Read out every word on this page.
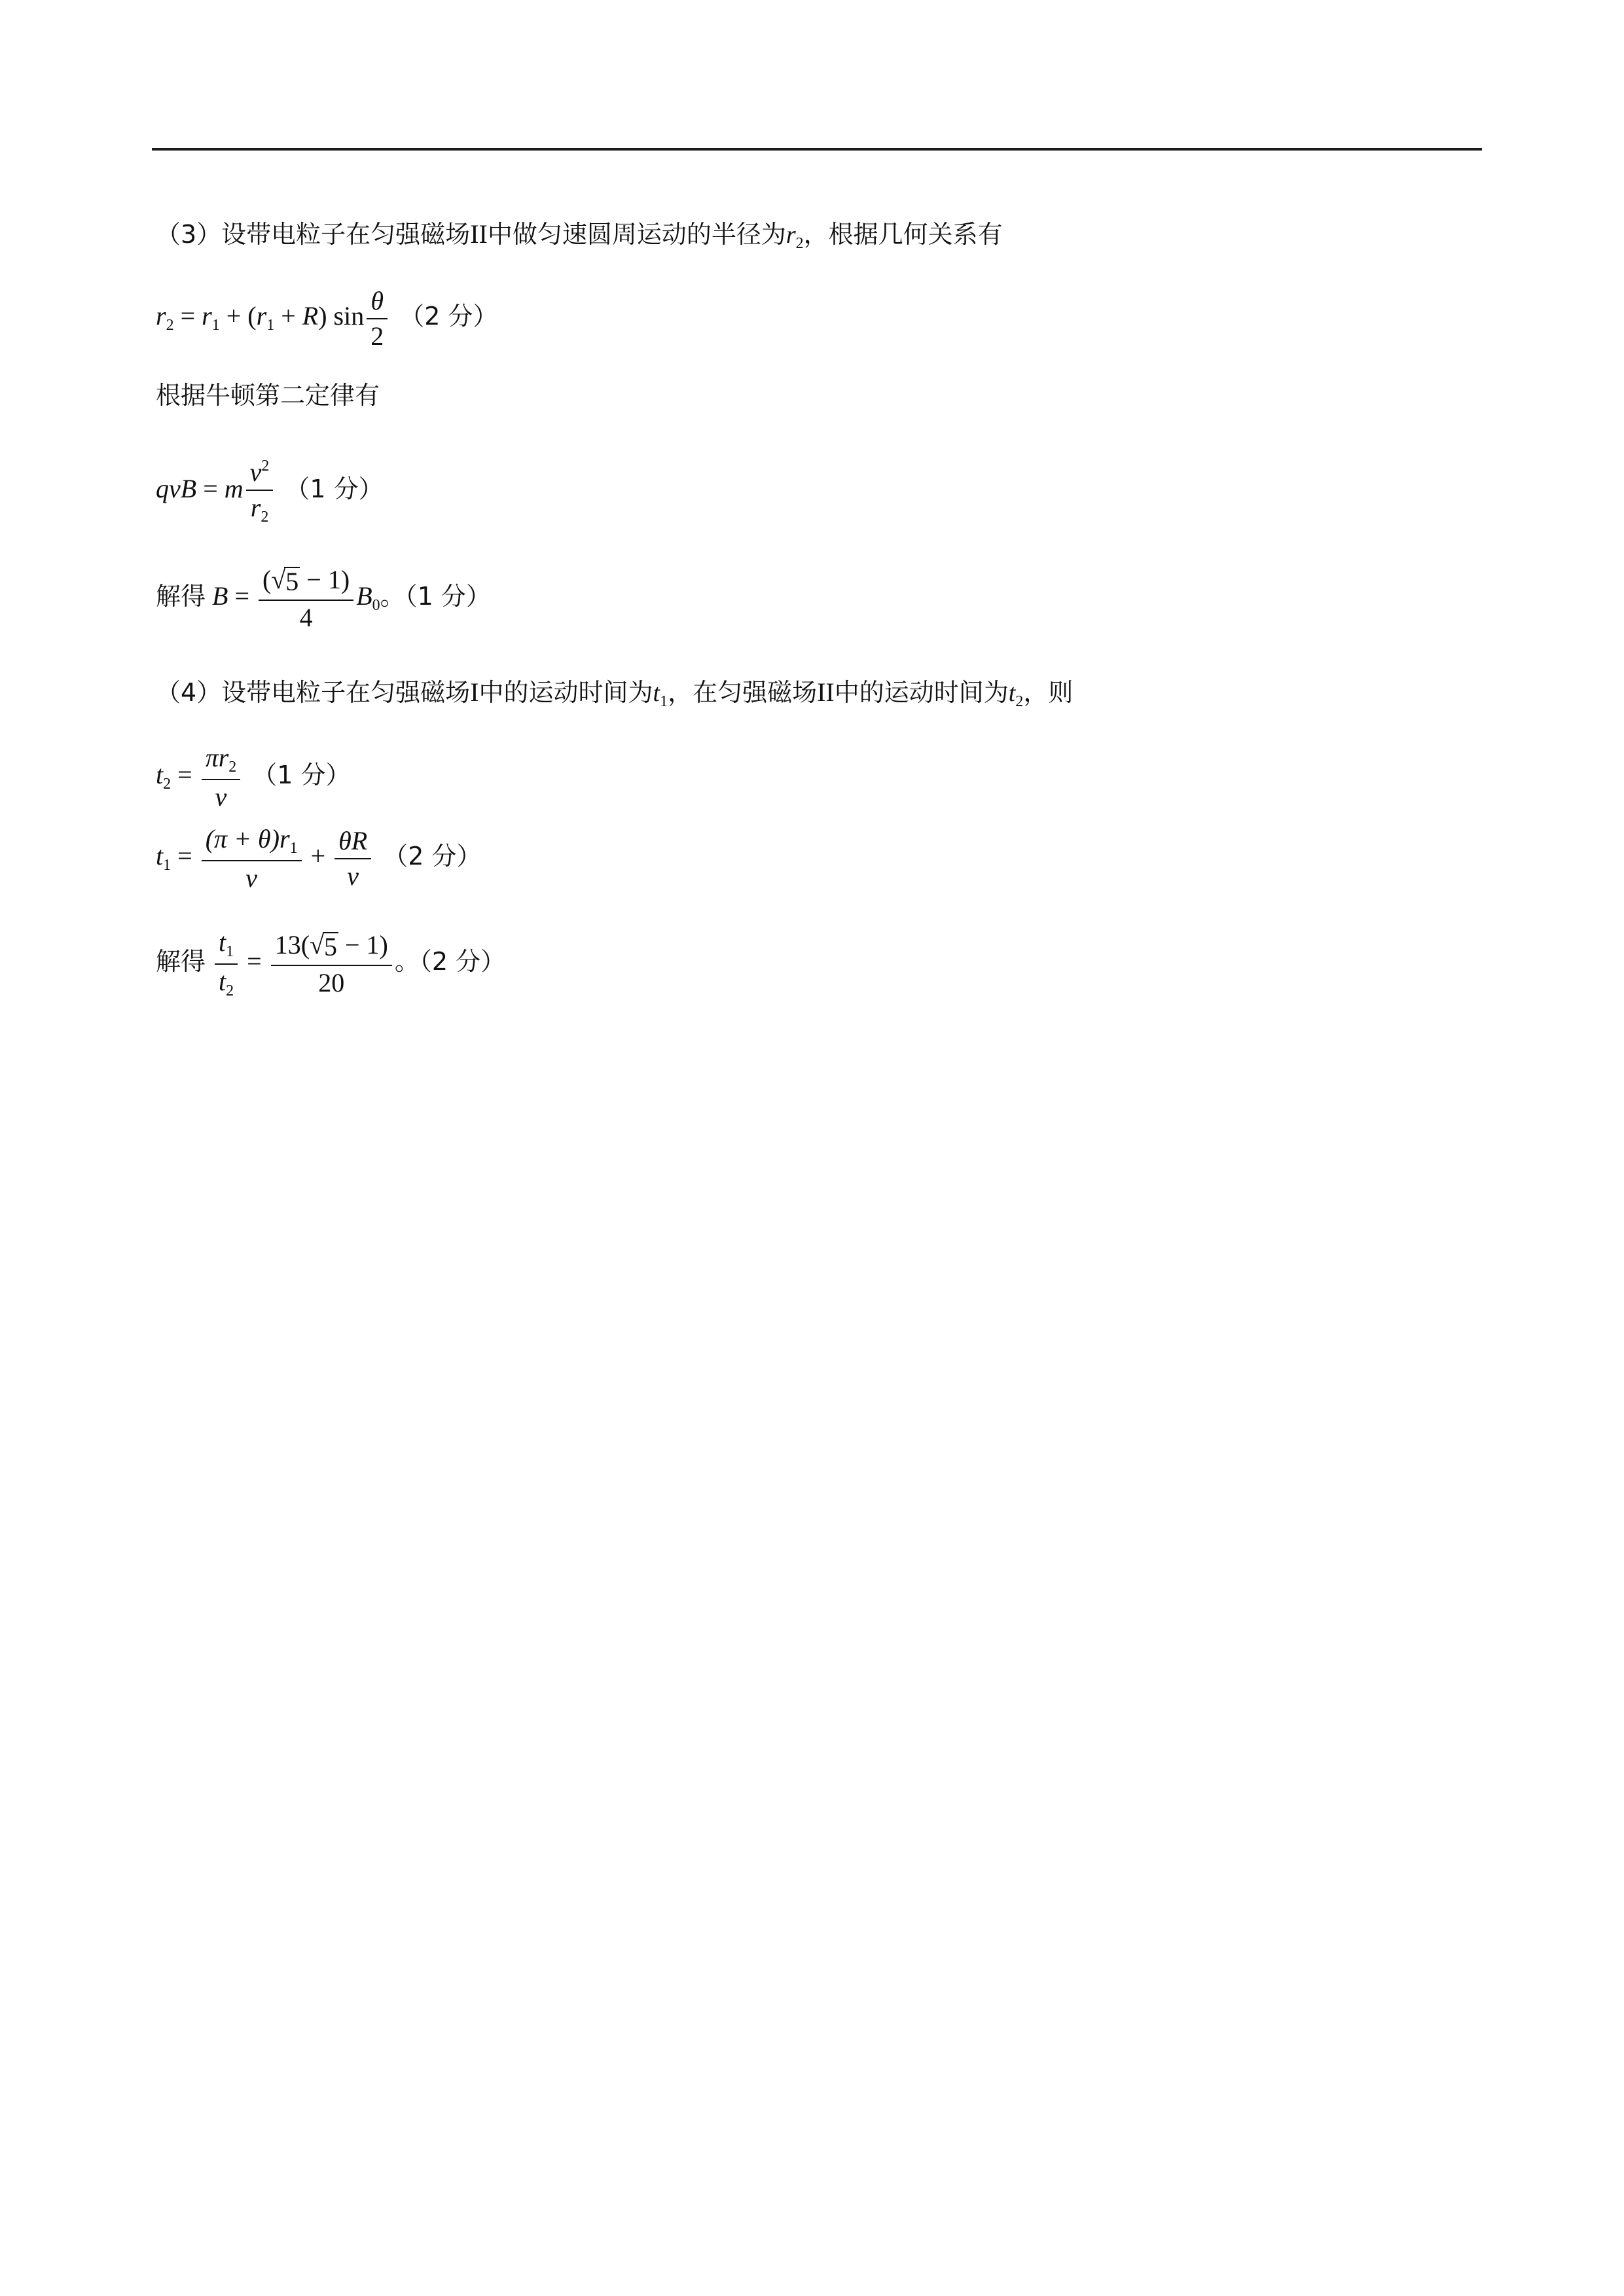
（3）设带电粒子在匀强磁场II中做匀速圆周运动的半径为$r_2$，根据几何关系有
$r_2 = r_1 + (r_1 + R)$ $\sin \frac{\theta}{2} (2$ 分）
根据牛顿第二定律有
qvB = m $\frac{v^2}{r_2} (1$ 分）
解得 $B = \frac{(√ 5 - 1)}{4} B_0$。（1 分）
（4）设带电粒子在匀强磁场I中的运动时间为$t_1$，在匀强磁场II中的运动时间为$t_2$，则
$t_2 = \frac{\pi r_2}{v} (1$ 分）
$t_1 = \frac{(\pi + \theta)r_1}{v} + \frac{\theta R}{v} (2$ 分）
解得 $\frac{t_1}{t_2} = \frac{13(√ 5 - 1)}{20}$ 。（2 分）
